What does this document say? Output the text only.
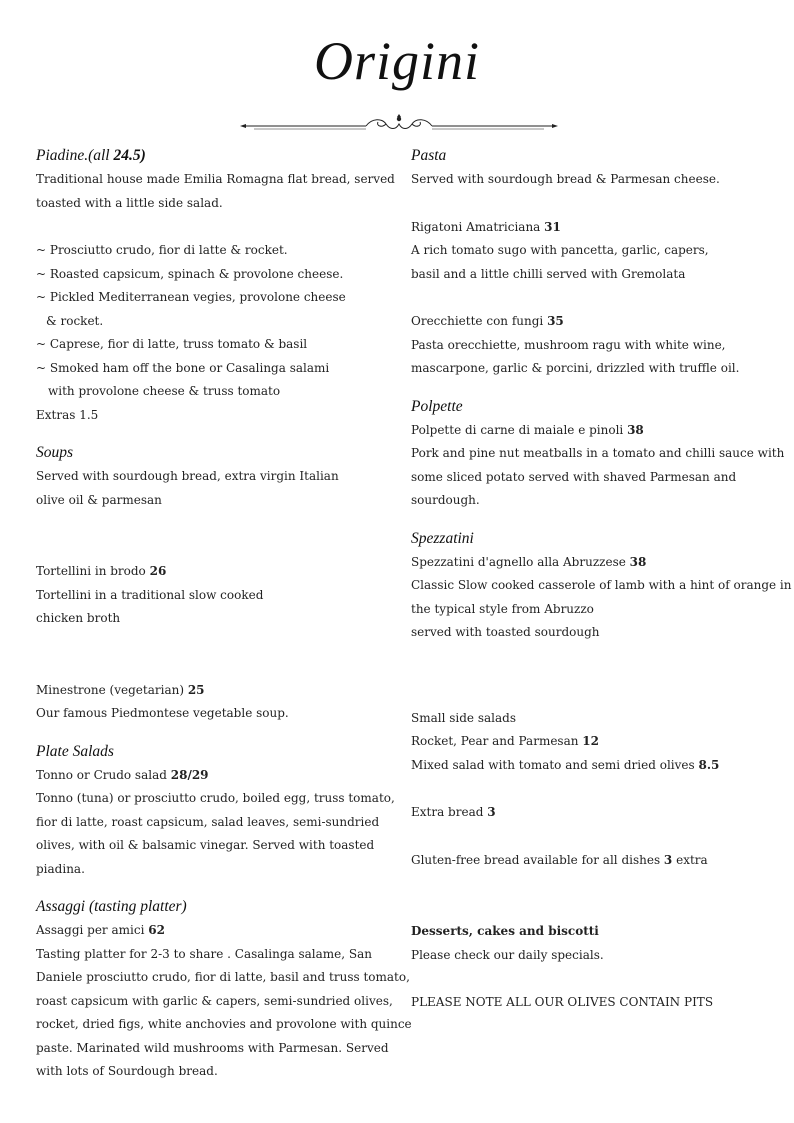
Origini
Piadine.(all 24.5)
Traditional house made Emilia Romagna flat bread, served
toasted with a little side salad.
~ Prosciutto crudo, fior di latte & rocket.
~ Roasted capsicum, spinach & provolone cheese.
~ Pickled Mediterranean vegies, provolone cheese
& rocket.
~ Caprese, fior di latte, truss tomato & basil
~ Smoked ham off the bone or Casalinga salami
with provolone cheese & truss tomato
Extras 1.5
Soups
Served with sourdough bread, extra virgin Italian
olive oil & parmesan
Tortellini in brodo 26
Tortellini in a traditional slow cooked
chicken broth
Minestrone (vegetarian) 25
Our famous Piedmontese vegetable soup.
Plate Salads
Tonno or Crudo salad 28/29
Tonno (tuna) or prosciutto crudo, boiled egg, truss tomato,
fior di latte, roast capsicum, salad leaves, semi-sundried
olives, with oil & balsamic vinegar. Served with toasted
piadina.
Assaggi (tasting platter)
Assaggi per amici 62
Tasting platter for 2-3 to share . Casalinga salame, San
Daniele prosciutto crudo, fior di latte, basil and truss tomato,
roast capsicum with garlic & capers, semi-sundried olives,
rocket, dried figs, white anchovies and provolone with quince
paste. Marinated wild mushrooms with Parmesan. Served
with lots of Sourdough bread.
Pasta
Served with sourdough bread & Parmesan cheese.
Rigatoni Amatriciana 31
A rich tomato sugo with pancetta, garlic, capers,
basil and a little chilli served with Gremolata
Orecchiette con fungi 35
Pasta orecchiette, mushroom ragu with white wine,
mascarpone, garlic & porcini, drizzled with truffle oil.
Polpette
Polpette di carne di maiale e pinoli 38
Pork and pine nut meatballs in a tomato and chilli sauce with
some sliced potato served with shaved Parmesan and
sourdough.
Spezzatini
Spezzatini d'agnello alla Abruzzese 38
Classic Slow cooked casserole of lamb with a hint of orange in
the typical style from Abruzzo
served with toasted sourdough
Small side salads
Rocket, Pear and Parmesan 12
Mixed salad with tomato and semi dried olives 8.5
Extra bread 3
Gluten-free bread available for all dishes 3 extra
Desserts, cakes and biscotti
Please check our daily specials.
PLEASE NOTE ALL OUR OLIVES CONTAIN PITS
